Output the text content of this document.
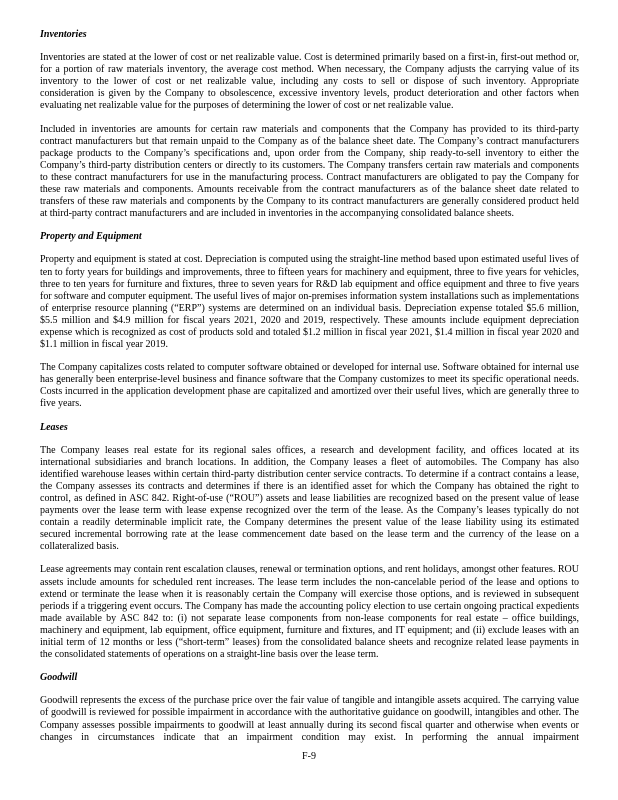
Inventories

Inventories are stated at the lower of cost or net realizable value. Cost is determined primarily based on a first-in, first-out method or, for a portion of raw materials inventory, the average cost method. When necessary, the Company adjusts the carrying value of its inventory to the lower of cost or net realizable value, including any costs to sell or dispose of such inventory. Appropriate consideration is given by the Company to obsolescence, excessive inventory levels, product deterioration and other factors when evaluating net realizable value for the purposes of determining the lower of cost or net realizable value.

Included in inventories are amounts for certain raw materials and components that the Company has provided to its third-party contract manufacturers but that remain unpaid to the Company as of the balance sheet date. The Company’s contract manufacturers package products to the Company’s specifications and, upon order from the Company, ship ready-to-sell inventory to either the Company’s third-party distribution centers or directly to its customers. The Company transfers certain raw materials and components to these contract manufacturers for use in the manufacturing process. Contract manufacturers are obligated to pay the Company for these raw materials and components. Amounts receivable from the contract manufacturers as of the balance sheet date related to transfers of these raw materials and components by the Company to its contract manufacturers are generally considered product held at third-party contract manufacturers and are included in inventories in the accompanying consolidated balance sheets.

Property and Equipment

Property and equipment is stated at cost. Depreciation is computed using the straight-line method based upon estimated useful lives of ten to forty years for buildings and improvements, three to fifteen years for machinery and equipment, three to five years for vehicles, three to ten years for furniture and fixtures, three to seven years for R&D lab equipment and office equipment and three to five years for software and computer equipment. The useful lives of major on-premises information system installations such as implementations of enterprise resource planning (“ERP”) systems are determined on an individual basis. Depreciation expense totaled $5.6 million, $5.5 million and $4.9 million for fiscal years 2021, 2020 and 2019, respectively. These amounts include equipment depreciation expense which is recognized as cost of products sold and totaled $1.2 million in fiscal year 2021, $1.4 million in fiscal year 2020 and $1.1 million in fiscal year 2019.

The Company capitalizes costs related to computer software obtained or developed for internal use. Software obtained for internal use has generally been enterprise-level business and finance software that the Company customizes to meet its specific operational needs. Costs incurred in the application development phase are capitalized and amortized over their useful lives, which are generally three to five years.

Leases

The Company leases real estate for its regional sales offices, a research and development facility, and offices located at its international subsidiaries and branch locations. In addition, the Company leases a fleet of automobiles. The Company has also identified warehouse leases within certain third-party distribution center service contracts. To determine if a contract contains a lease, the Company assesses its contracts and determines if there is an identified asset for which the Company has obtained the right to control, as defined in ASC 842. Right-of-use (“ROU”) assets and lease liabilities are recognized based on the present value of lease payments over the lease term with lease expense recognized over the term of the lease. As the Company’s leases typically do not contain a readily determinable implicit rate, the Company determines the present value of the lease liability using its estimated secured incremental borrowing rate at the lease commencement date based on the lease term and the currency of the lease on a collateralized basis.

Lease agreements may contain rent escalation clauses, renewal or termination options, and rent holidays, amongst other features. ROU assets include amounts for scheduled rent increases. The lease term includes the non-cancelable period of the lease and options to extend or terminate the lease when it is reasonably certain the Company will exercise those options, and is reviewed in subsequent periods if a triggering event occurs. The Company has made the accounting policy election to use certain ongoing practical expedients made available by ASC 842 to: (i) not separate lease components from non-lease components for real estate – office buildings, machinery and equipment, lab equipment, office equipment, furniture and fixtures, and IT equipment; and (ii) exclude leases with an initial term of 12 months or less (“short-term” leases) from the consolidated balance sheets and recognize related lease payments in the consolidated statements of operations on a straight-line basis over the lease term.

Goodwill

Goodwill represents the excess of the purchase price over the fair value of tangible and intangible assets acquired. The carrying value of goodwill is reviewed for possible impairment in accordance with the authoritative guidance on goodwill, intangibles and other. The Company assesses possible impairments to goodwill at least annually during its second fiscal quarter and otherwise when events or changes in circumstances indicate that an impairment condition may exist. In performing the annual impairment

F-9
